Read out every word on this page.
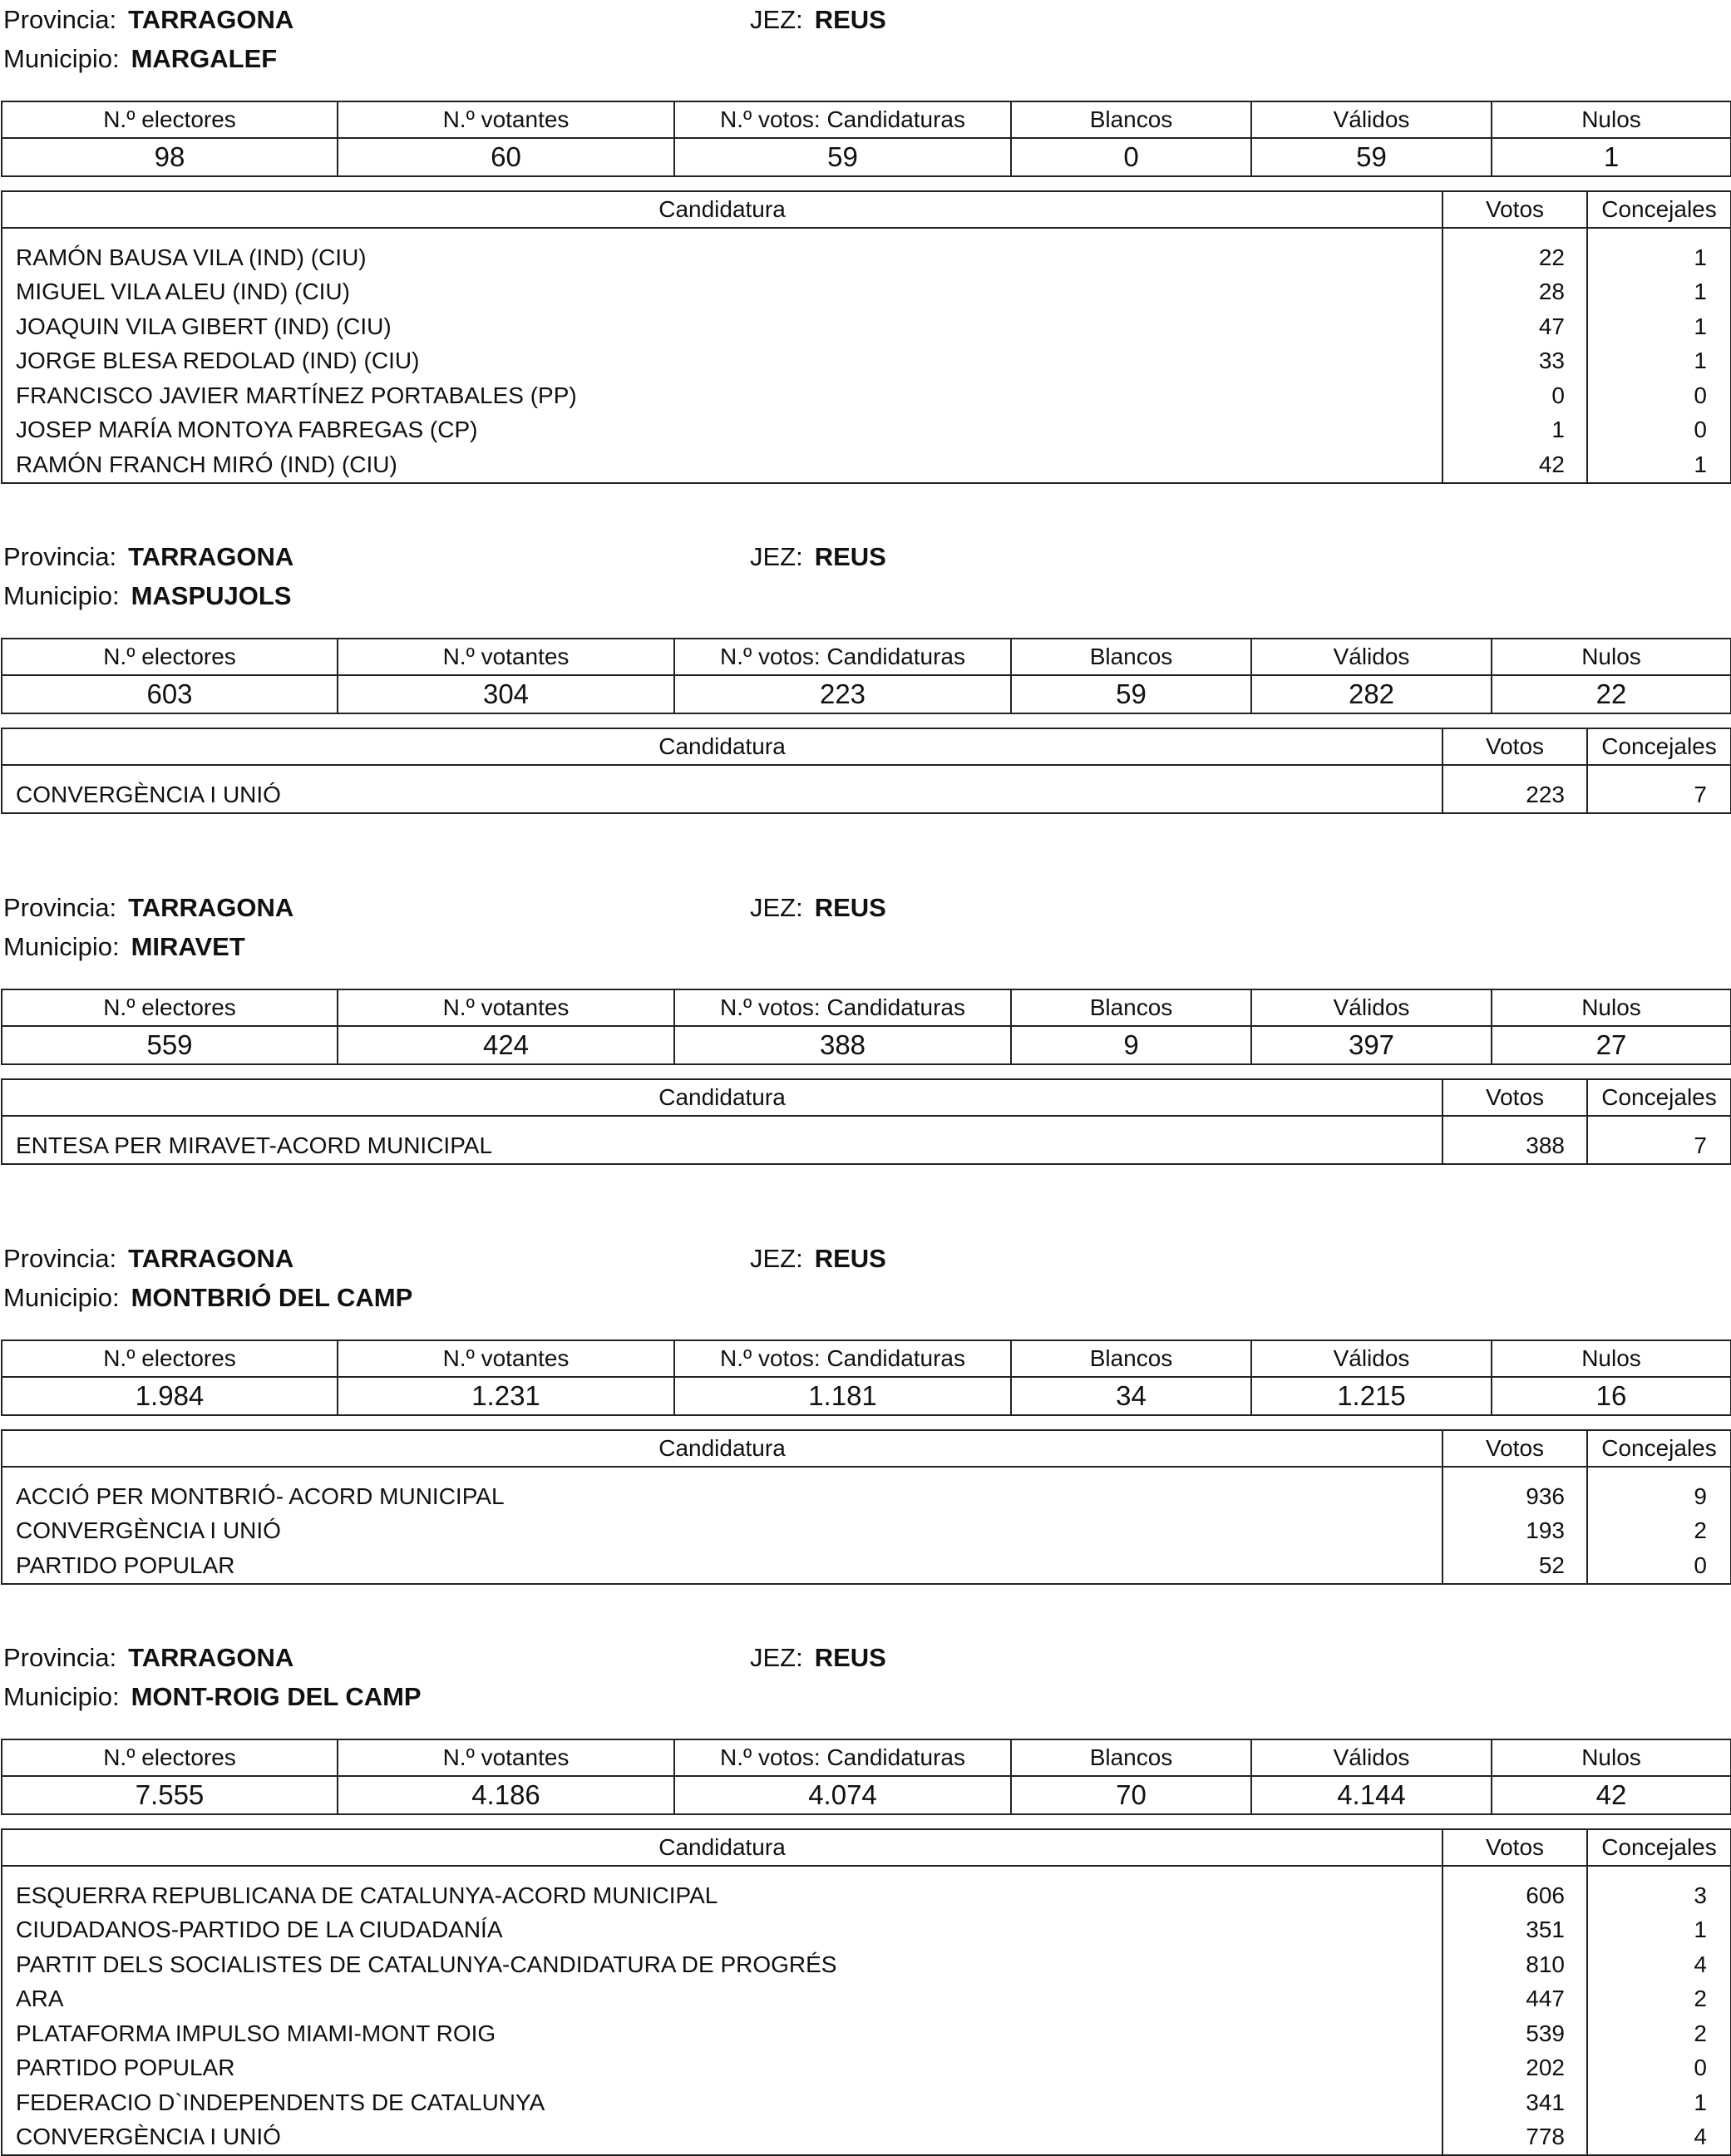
Provincia: TARRAGONA	JEZ: REUS
Municipio: MARGALEF
N.º electores	N.º votantes	N.º votos: Candidaturas	Blancos	Válidos	Nulos
98	60	59	0	59	1
Candidatura	Votos	Concejales
RAMÓN BAUSA VILA (IND) (CIU)	22	1
MIGUEL VILA ALEU (IND) (CIU)	28	1
JOAQUIN VILA GIBERT (IND) (CIU)	47	1
JORGE BLESA REDOLAD (IND) (CIU)	33	1
FRANCISCO JAVIER MARTÍNEZ PORTABALES (PP)	0	0
JOSEP MARÍA MONTOYA FABREGAS (CP)	1	0
RAMÓN FRANCH MIRÓ (IND) (CIU)	42	1
Provincia: TARRAGONA	JEZ: REUS
Municipio: MASPUJOLS
N.º electores	N.º votantes	N.º votos: Candidaturas	Blancos	Válidos	Nulos
603	304	223	59	282	22
Candidatura	Votos	Concejales
CONVERGÈNCIA I UNIÓ	223	7
Provincia: TARRAGONA	JEZ: REUS
Municipio: MIRAVET
N.º electores	N.º votantes	N.º votos: Candidaturas	Blancos	Válidos	Nulos
559	424	388	9	397	27
Candidatura	Votos	Concejales
ENTESA PER MIRAVET-ACORD MUNICIPAL	388	7
Provincia: TARRAGONA	JEZ: REUS
Municipio: MONTBRIÓ DEL CAMP
N.º electores	N.º votantes	N.º votos: Candidaturas	Blancos	Válidos	Nulos
1.984	1.231	1.181	34	1.215	16
Candidatura	Votos	Concejales
ACCIÓ PER MONTBRIÓ- ACORD MUNICIPAL	936	9
CONVERGÈNCIA I UNIÓ	193	2
PARTIDO POPULAR	52	0
Provincia: TARRAGONA	JEZ: REUS
Municipio: MONT-ROIG DEL CAMP
N.º electores	N.º votantes	N.º votos: Candidaturas	Blancos	Válidos	Nulos
7.555	4.186	4.074	70	4.144	42
Candidatura	Votos	Concejales
ESQUERRA REPUBLICANA DE CATALUNYA-ACORD MUNICIPAL	606	3
CIUDADANOS-PARTIDO DE LA CIUDADANÍA	351	1
PARTIT DELS SOCIALISTES DE CATALUNYA-CANDIDATURA DE PROGRÉS	810	4
ARA	447	2
PLATAFORMA IMPULSO MIAMI-MONT ROIG	539	2
PARTIDO POPULAR	202	0
FEDERACIO D`INDEPENDENTS DE CATALUNYA	341	1
CONVERGÈNCIA I UNIÓ	778	4
